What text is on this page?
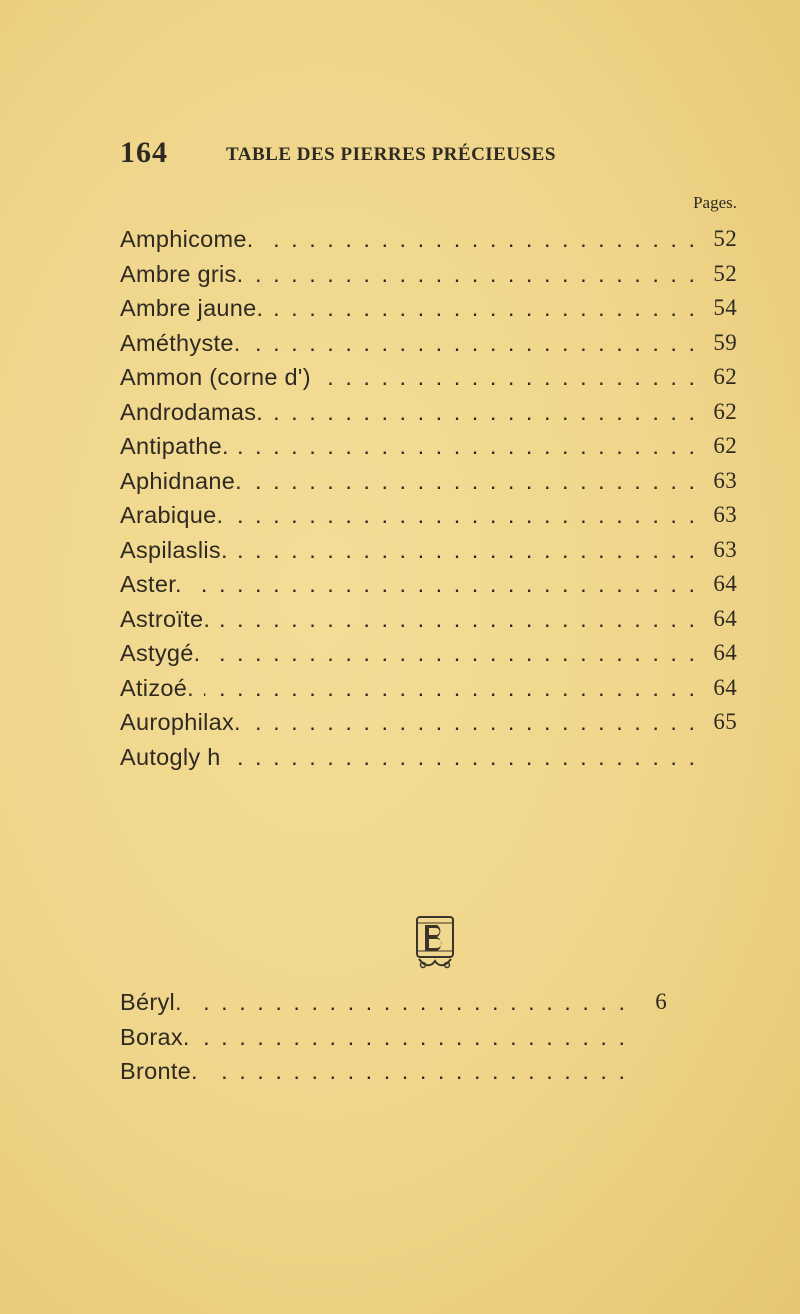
164	TABLE DES PIERRES PRÉCIEUSES
Pages.
. . .
Amphicome.	52
. . .
Ambre gris.	52
. . .
Ambre jaune.	54
. . .
Améthyste.	59
. . .
Ammon (corne d')	62
. . .
Androdamas.	62
. . .
Antipathe.	62
. . .
Aphidnane.	63
. . .
Arabique.	63
. . .
Aspilaslis.	63
. . .
Aster.	64
. . .
Astroïte.	64
. . .
Astygé.	64
. . .
Atizoé.	64
. . .
Aurophilax.	65
. . .
Autogly h
. . .
Béryl.	6
. . .
Borax.
. . .
Bronte.
